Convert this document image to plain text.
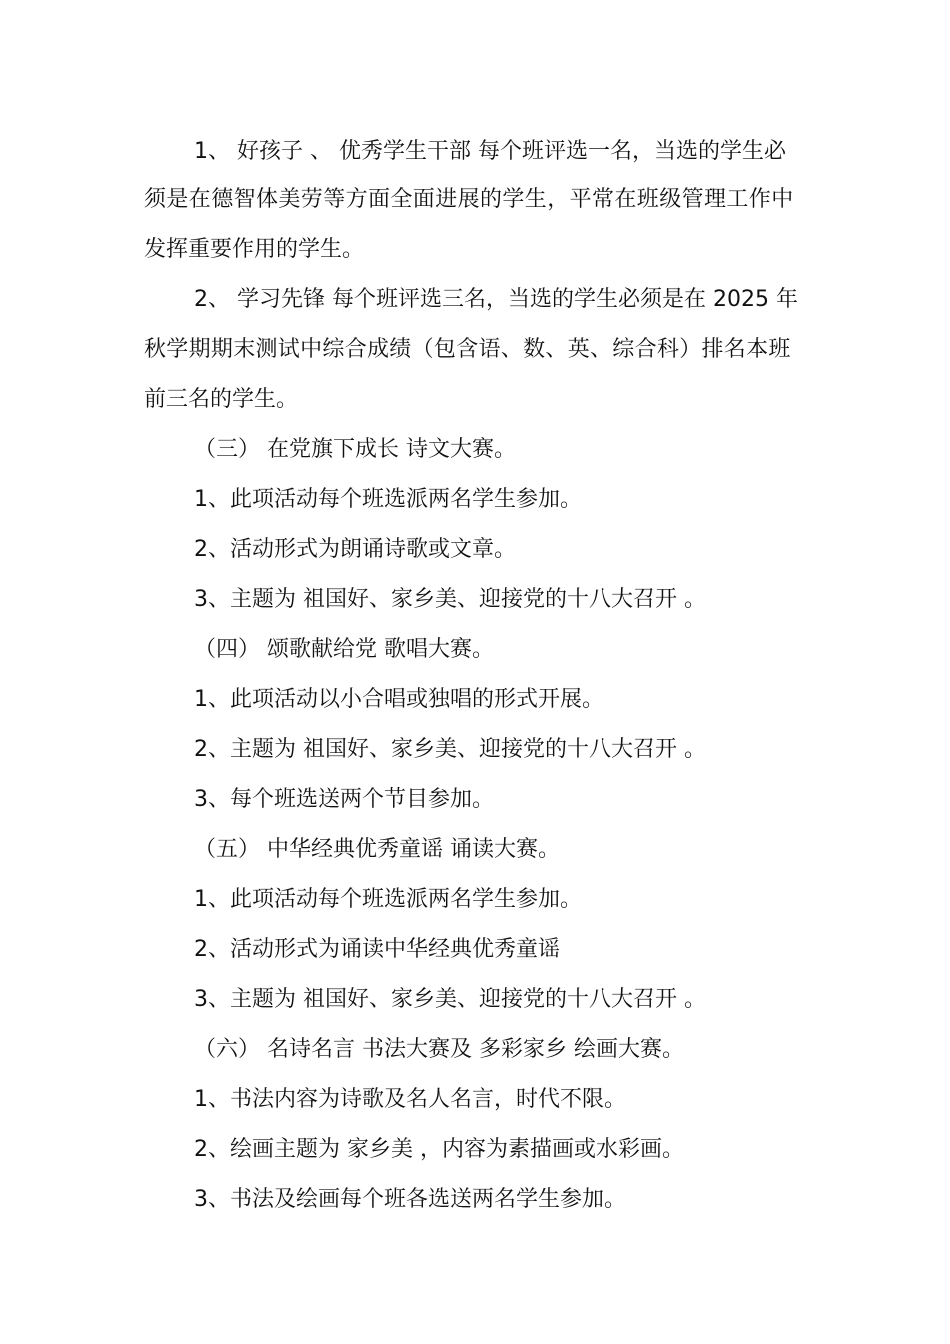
1、 好孩子 、 优秀学生干部 每个班评选一名，当选的学生必
须是在德智体美劳等方面全面进展的学生，平常在班级管理工作中
发挥重要作用的学生。
2、 学习先锋 每个班评选三名，当选的学生必须是在 2025 年
秋学期期末测试中综合成绩（包含语、数、英、综合科）排名本班
前三名的学生。
（三） 在党旗下成长 诗文大赛。
1、此项活动每个班选派两名学生参加。
2、活动形式为朗诵诗歌或文章。
3、主题为 祖国好、家乡美、迎接党的十八大召开 。
（四） 颂歌献给党 歌唱大赛。
1、此项活动以小合唱或独唱的形式开展。
2、主题为 祖国好、家乡美、迎接党的十八大召开 。
3、每个班选送两个节目参加。
（五） 中华经典优秀童谣 诵读大赛。
1、此项活动每个班选派两名学生参加。
2、活动形式为诵读中华经典优秀童谣
3、主题为 祖国好、家乡美、迎接党的十八大召开 。
（六） 名诗名言 书法大赛及 多彩家乡 绘画大赛。
1、书法内容为诗歌及名人名言，时代不限。
2、绘画主题为 家乡美 ，内容为素描画或水彩画。
3、书法及绘画每个班各选送两名学生参加。
